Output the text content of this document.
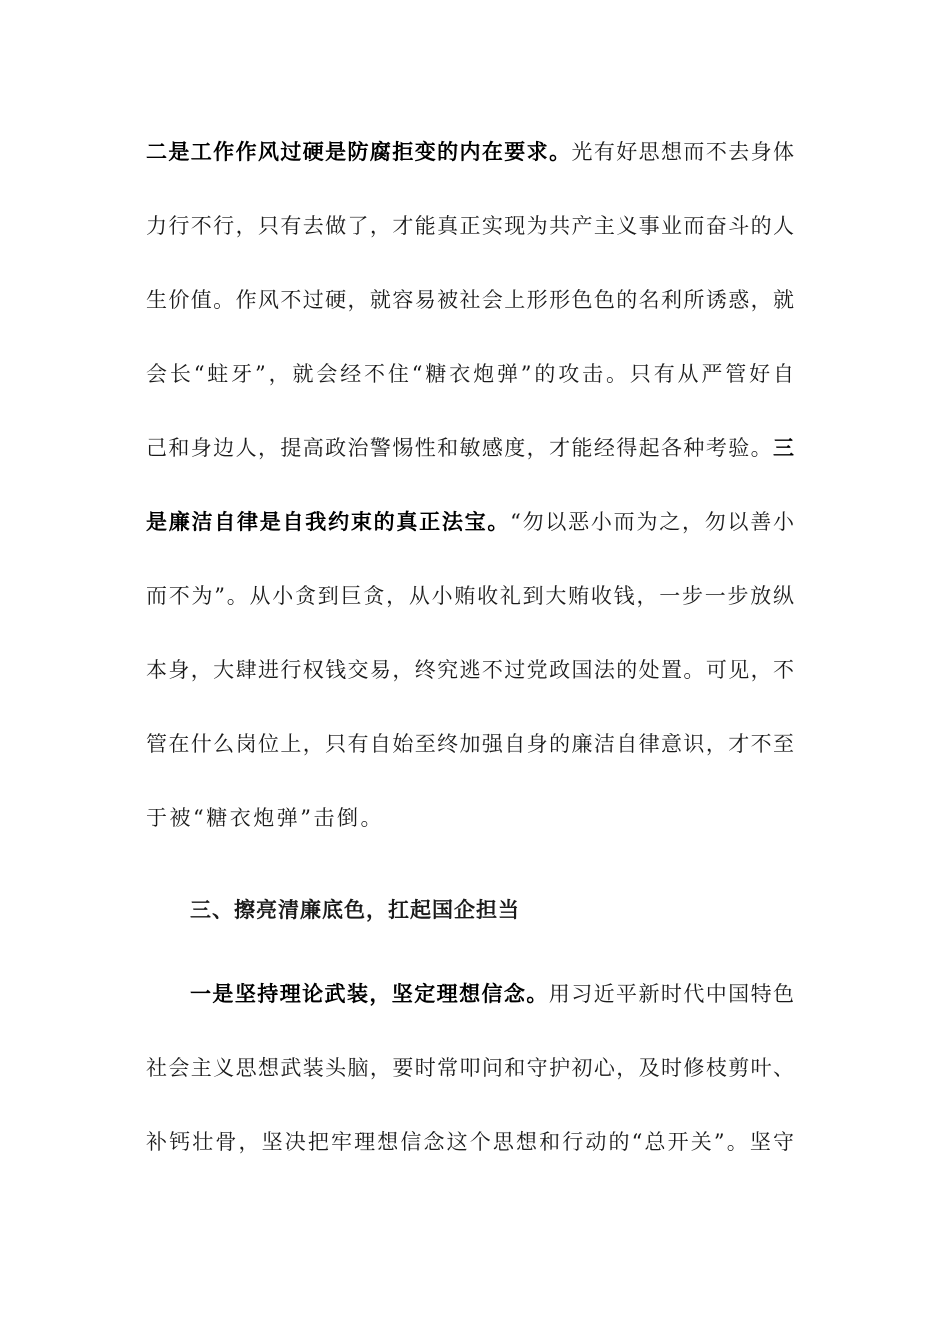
二是工作作风过硬是防腐拒变的内在要求。光有好思想而不去身体
力行不行，只有去做了，才能真正实现为共产主义事业而奋斗的人
生价值。作风不过硬，就容易被社会上形形色色的名利所诱惑，就
会长“蛀牙”，就会经不住“糖衣炮弹”的攻击。只有从严管好自
己和身边人，提高政治警惕性和敏感度，才能经得起各种考验。三
是廉洁自律是自我约束的真正法宝。“勿以恶小而为之，勿以善小
而不为”。从小贪到巨贪，从小贿收礼到大贿收钱，一步一步放纵
本身，大肆进行权钱交易，终究逃不过党政国法的处置。可见，不
管在什么岗位上，只有自始至终加强自身的廉洁自律意识，才不至
于被“糖衣炮弹”击倒。
三、擦亮清廉底色，扛起国企担当
一是坚持理论武装，坚定理想信念。用习近平新时代中国特色
社会主义思想武装头脑，要时常叩问和守护初心，及时修枝剪叶、
补钙壮骨，坚决把牢理想信念这个思想和行动的“总开关”。坚守
